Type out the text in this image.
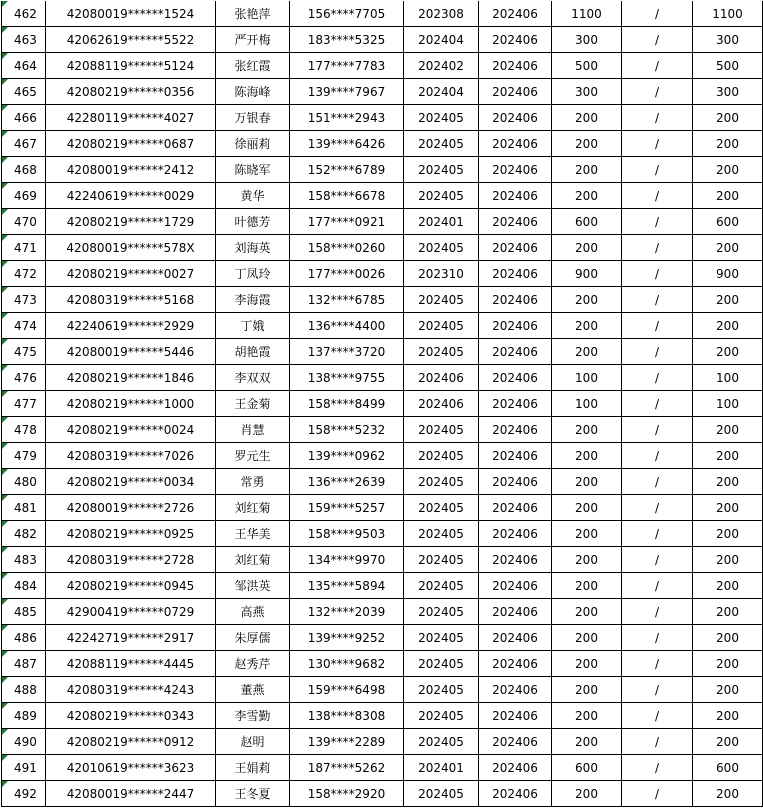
462	42080019******1524	张艳萍	156****7705	202308	202406	1100	/	1100
463	42062619******5522	严开梅	183****5325	202404	202406	300	/	300
464	42088119******5124	张红霞	177****7783	202402	202406	500	/	500
465	42080219******0356	陈海峰	139****7967	202404	202406	300	/	300
466	42280119******4027	万银春	151****2943	202405	202406	200	/	200
467	42080219******0687	徐丽莉	139****6426	202405	202406	200	/	200
468	42080019******2412	陈晓军	152****6789	202405	202406	200	/	200
469	42240619******0029	黄华	158****6678	202405	202406	200	/	200
470	42080219******1729	叶德芳	177****0921	202401	202406	600	/	600
471	42080019******578X	刘海英	158****0260	202405	202406	200	/	200
472	42080219******0027	丁凤玲	177****0026	202310	202406	900	/	900
473	42080319******5168	李海霞	132****6785	202405	202406	200	/	200
474	42240619******2929	丁娥	136****4400	202405	202406	200	/	200
475	42080019******5446	胡艳霞	137****3720	202405	202406	200	/	200
476	42080219******1846	李双双	138****9755	202406	202406	100	/	100
477	42080219******1000	王金菊	158****8499	202406	202406	100	/	100
478	42080219******0024	肖慧	158****5232	202405	202406	200	/	200
479	42080319******7026	罗元生	139****0962	202405	202406	200	/	200
480	42080219******0034	常勇	136****2639	202405	202406	200	/	200
481	42080019******2726	刘红菊	159****5257	202405	202406	200	/	200
482	42080219******0925	王华美	158****9503	202405	202406	200	/	200
483	42080319******2728	刘红菊	134****9970	202405	202406	200	/	200
484	42080219******0945	邹洪英	135****5894	202405	202406	200	/	200
485	42900419******0729	高燕	132****2039	202405	202406	200	/	200
486	42242719******2917	朱厚儒	139****9252	202405	202406	200	/	200
487	42088119******4445	赵秀芹	130****9682	202405	202406	200	/	200
488	42080319******4243	董燕	159****6498	202405	202406	200	/	200
489	42080219******0343	李雪勤	138****8308	202405	202406	200	/	200
490	42080219******0912	赵明	139****2289	202405	202406	200	/	200
491	42010619******3623	王娟莉	187****5262	202401	202406	600	/	600
492	42080019******2447	王冬夏	158****2920	202405	202406	200	/	200
